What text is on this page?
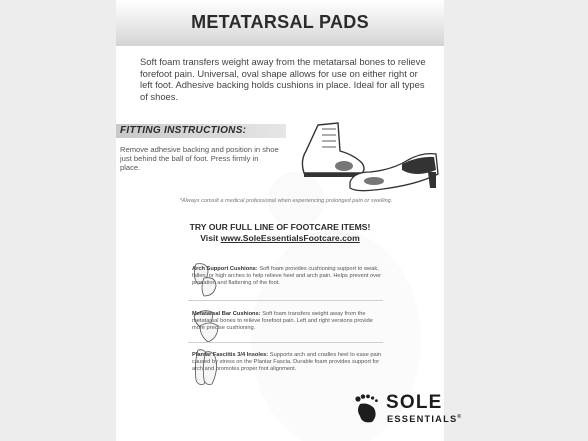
METATARSAL PADS
Soft foam transfers weight away from the metatarsal bones to relieve forefoot pain. Universal, oval shape allows for use on either right or left foot. Adhesive backing holds cushions in place. Ideal for all types of shoes.
FITTING INSTRUCTIONS:
Remove adhesive backing and position in shoe just behind the ball of foot. Press firmly in place.
*Always consult a medical professional when experiencing prolonged pain or swelling.
TRY OUR FULL LINE OF FOOTCARE ITEMS!
Visit www.SoleEssentialsFootcare.com
Arch Support Cushions: Soft foam provides cushioning support to weak, fallen, or high arches to help relieve heel and arch pain. Helps prevent over pronation and flattening of the foot.
Metatarsal Bar Cushions: Soft foam transfers weight away from the metatarsal bones to relieve forefoot pain. Left and right versions provide more precise cushioning.
Plantar Fasciitis 3/4 Insoles: Supports arch and cradles heel to ease pain caused by stress on the Plantar Fascia. Durable foam provides support for arch and promotes proper foot alignment.
SOLE
ESSENTIALS®
